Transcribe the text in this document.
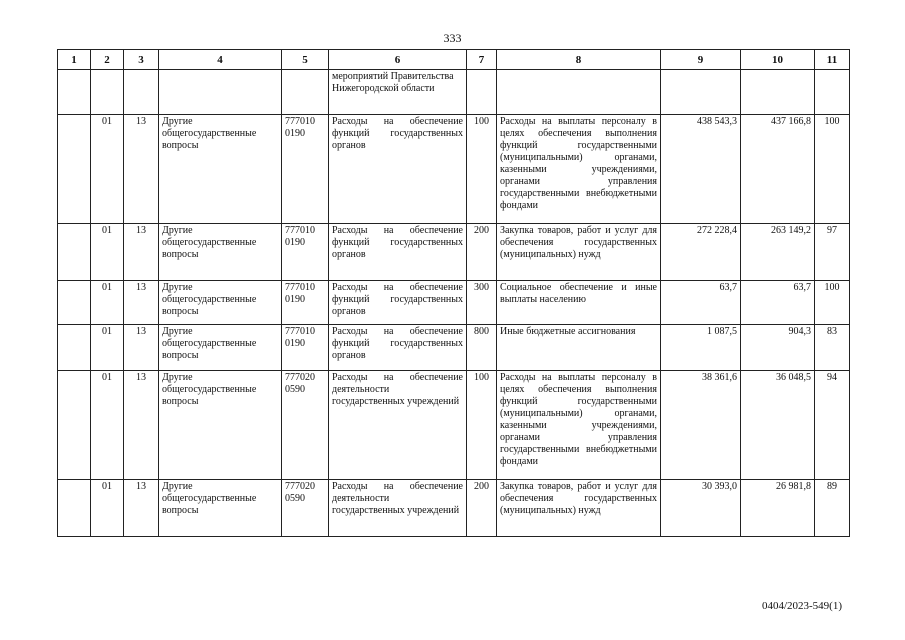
333
1	2	3	4	5	6	7	8	9	10	11
					мероприятий Правительства Нижегородской области					
	01	13	Другие общегосударственные вопросы	777010 0190	Расходы на обеспечение функций государственных органов	100	Расходы на выплаты персоналу в целях обеспечения выполнения функций государственными (муниципальными) органами, казенными учреждениями, органами управления государственными внебюджетными фондами	438 543,3	437 166,8	100
	01	13	Другие общегосударственные вопросы	777010 0190	Расходы на обеспечение функций государственных органов	200	Закупка товаров, работ и услуг для обеспечения государственных (муниципальных) нужд	272 228,4	263 149,2	97
	01	13	Другие общегосударственные вопросы	777010 0190	Расходы на обеспечение функций государственных органов	300	Социальное обеспечение и иные выплаты населению	63,7	63,7	100
	01	13	Другие общегосударственные вопросы	777010 0190	Расходы на обеспечение функций государственных органов	800	Иные бюджетные ассигнования	1 087,5	904,3	83
	01	13	Другие общегосударственные вопросы	777020 0590	Расходы на обеспечение деятельности государственных учреждений	100	Расходы на выплаты персоналу в целях обеспечения выполнения функций государственными (муниципальными) органами, казенными учреждениями, органами управления государственными внебюджетными фондами	38 361,6	36 048,5	94
	01	13	Другие общегосударственные вопросы	777020 0590	Расходы на обеспечение деятельности государственных учреждений	200	Закупка товаров, работ и услуг для обеспечения государственных (муниципальных) нужд	30 393,0	26 981,8	89
0404/2023-549(1)
